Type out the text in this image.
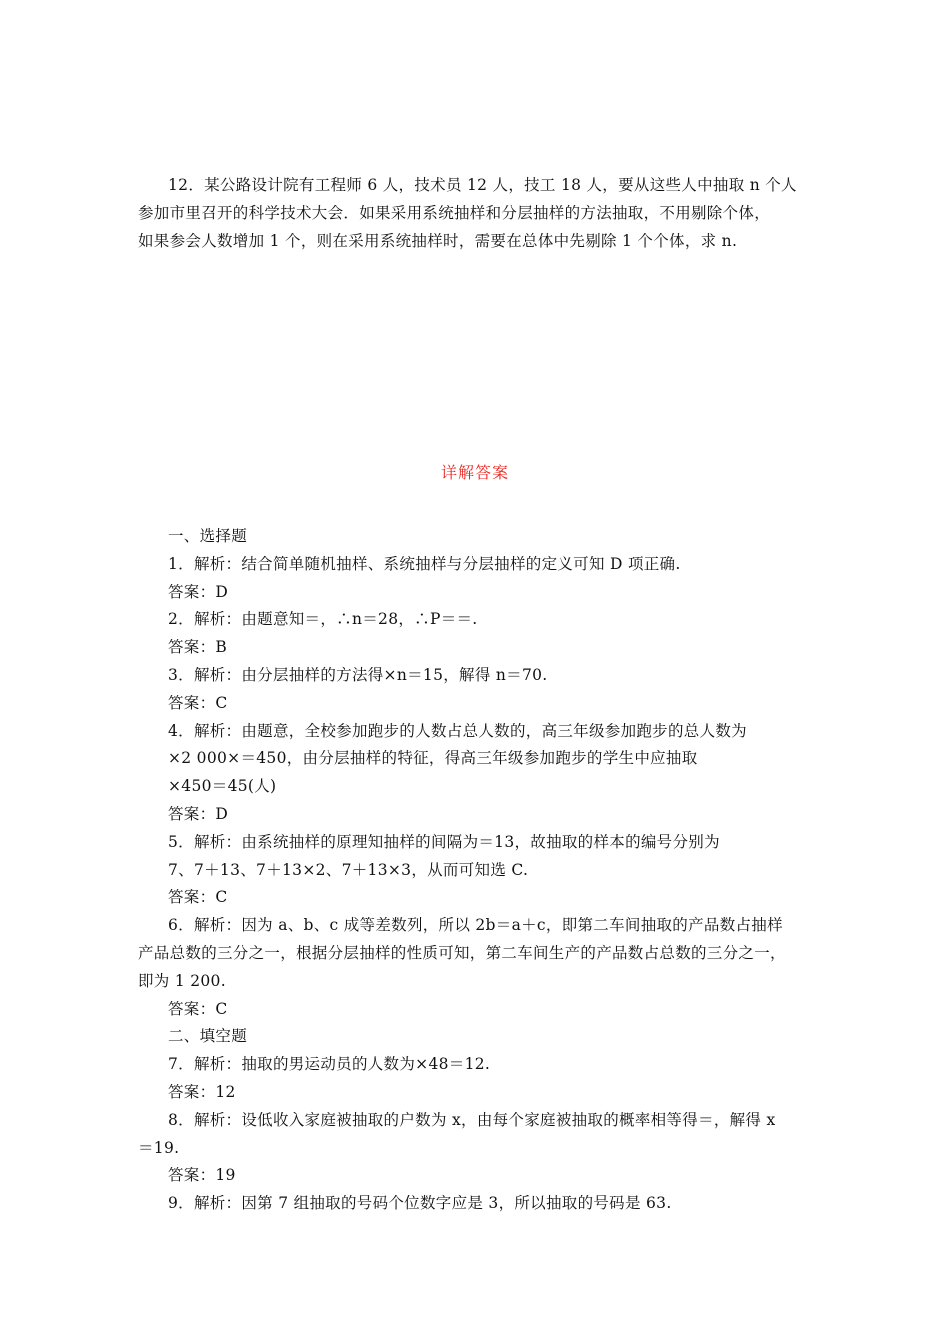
12．某公路设计院有工程师 6 人，技术员 12 人，技工 18 人，要从这些人中抽取 n 个人
参加市里召开的科学技术大会．如果采用系统抽样和分层抽样的方法抽取，不用剔除个体，
如果参会人数增加 1 个，则在采用系统抽样时，需要在总体中先剔除 1 个个体，求 n.
详解答案
一、选择题
1．解析：结合简单随机抽样、系统抽样与分层抽样的定义可知 D 项正确.
答案：D
2．解析：由题意知＝，∴n＝28，∴P＝＝.
答案：B
3．解析：由分层抽样的方法得×n＝15，解得 n＝70.
答案：C
4．解析：由题意，全校参加跑步的人数占总人数的，高三年级参加跑步的总人数为
×2 000×＝450，由分层抽样的特征，得高三年级参加跑步的学生中应抽取
×450＝45(人)
答案：D
5．解析：由系统抽样的原理知抽样的间隔为＝13，故抽取的样本的编号分别为
7、7＋13、7＋13×2、7＋13×3，从而可知选 C.
答案：C
6．解析：因为 a、b、c 成等差数列，所以 2b＝a＋c，即第二车间抽取的产品数占抽样
产品总数的三分之一，根据分层抽样的性质可知，第二车间生产的产品数占总数的三分之一，
即为 1 200.
答案：C
二、填空题
7．解析：抽取的男运动员的人数为×48＝12.
答案：12
8．解析：设低收入家庭被抽取的户数为 x，由每个家庭被抽取的概率相等得＝，解得 x
＝19.
答案：19
9．解析：因第 7 组抽取的号码个位数字应是 3，所以抽取的号码是 63.
